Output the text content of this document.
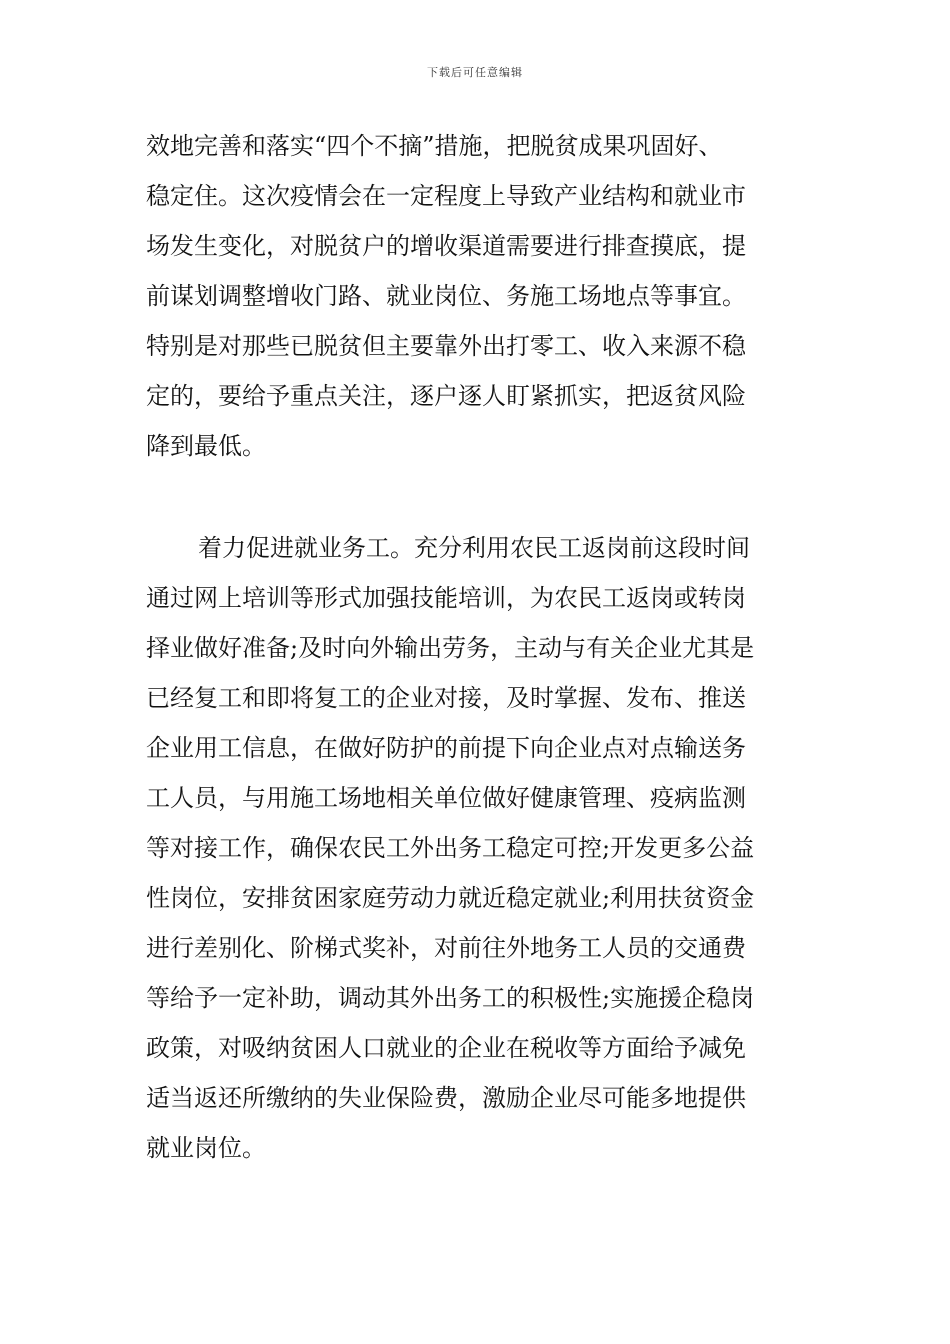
下载后可任意编辑
效地完善和落实“四个不摘”措施，把脱贫成果巩固好、
稳定住。这次疫情会在一定程度上导致产业结构和就业市
场发生变化，对脱贫户的增收渠道需要进行排查摸底，提
前谋划调整增收门路、就业岗位、务施工场地点等事宜。
特别是对那些已脱贫但主要靠外出打零工、收入来源不稳
定的，要给予重点关注，逐户逐人盯紧抓实，把返贫风险
降到最低。
着力促进就业务工。充分利用农民工返岗前这段时间
通过网上培训等形式加强技能培训，为农民工返岗或转岗
择业做好准备;及时向外输出劳务，主动与有关企业尤其是
已经复工和即将复工的企业对接，及时掌握、发布、推送
企业用工信息，在做好防护的前提下向企业点对点输送务
工人员，与用施工场地相关单位做好健康管理、疫病监测
等对接工作，确保农民工外出务工稳定可控;开发更多公益
性岗位，安排贫困家庭劳动力就近稳定就业;利用扶贫资金
进行差别化、阶梯式奖补，对前往外地务工人员的交通费
等给予一定补助，调动其外出务工的积极性;实施援企稳岗
政策，对吸纳贫困人口就业的企业在税收等方面给予减免
适当返还所缴纳的失业保险费，激励企业尽可能多地提供
就业岗位。
